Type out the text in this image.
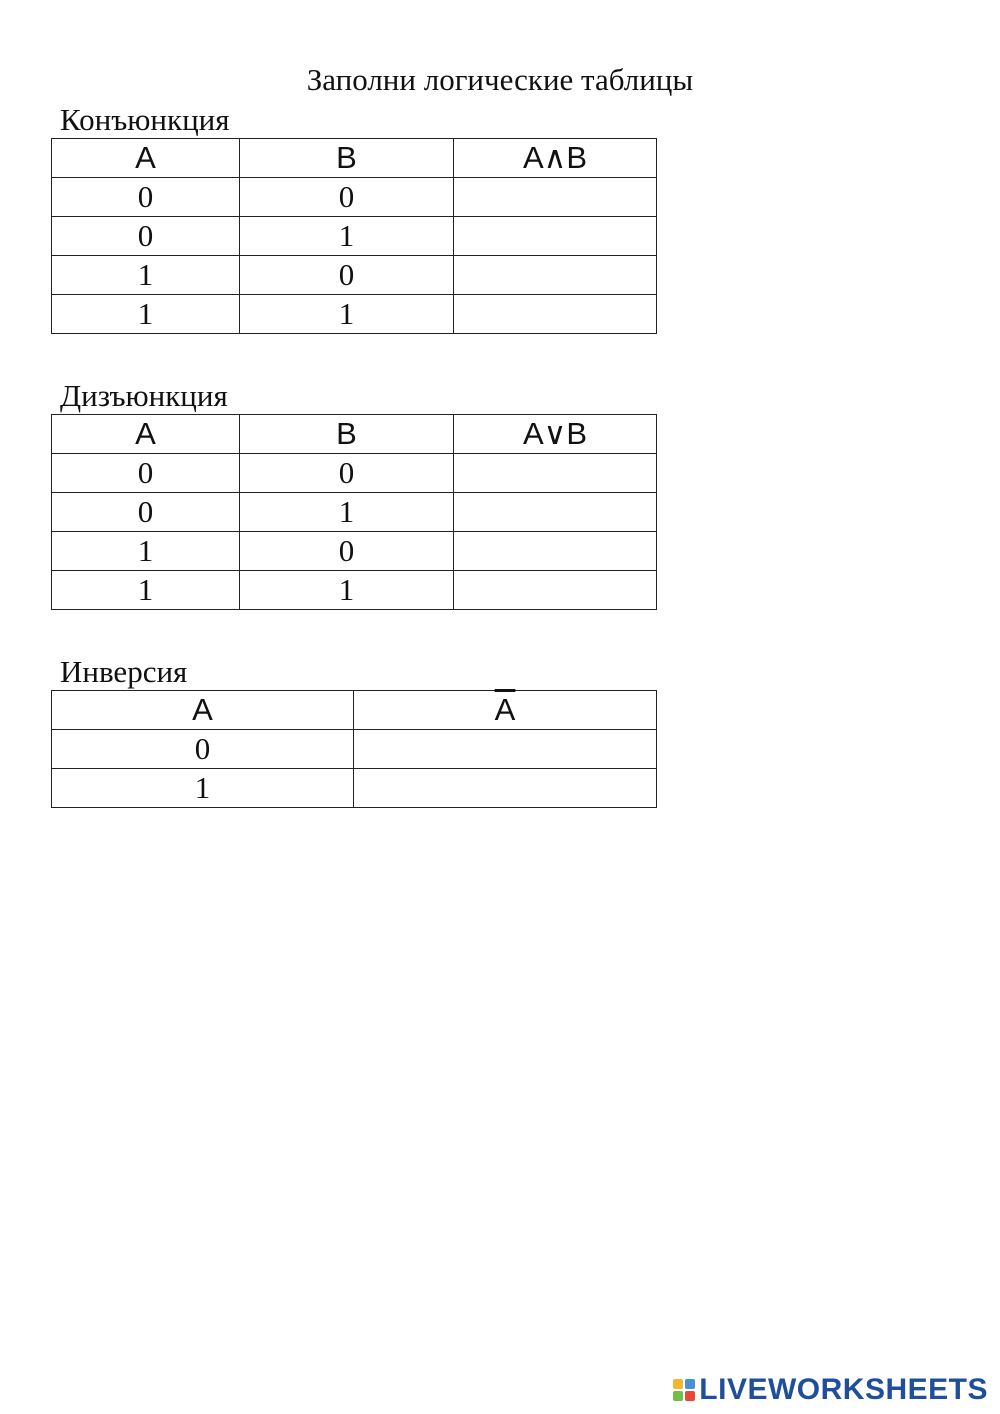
Заполни логические таблицы
Конъюнкция
A	B	A∧B
0	0	
0	1	
1	0	
1	1	
Дизъюнкция
A	B	A∨B
0	0	
0	1	
1	0	
1	1	
Инверсия
A	$\overline{A}$
0	
1	
LIVEWORKSHEETS
